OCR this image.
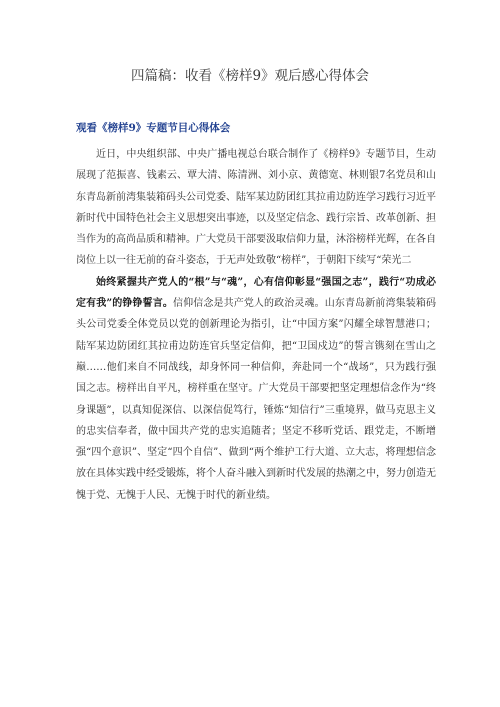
四篇稿：收看《榜样9》观后感心得体会
观看《榜样9》专题节目心得体会

近日，中央组织部、中央广播电视总台联合制作了《榜样9》专题节目，生动展现了范振喜、钱素云、覃大清、陈清洲、刘小京、黄德宽、林则银7名党员和山东青岛新前湾集装箱码头公司党委、陆军某边防团红其拉甫边防连学习践行习近平新时代中国特色社会主义思想突出事迹，以及坚定信念、践行宗旨、改革创新、担当作为的高尚品质和精神。广大党员干部要汲取信仰力量，沐浴榜样光辉，在各自岗位上以一往无前的奋斗姿态，于无声处致敬“榜样”，于朝阳下续写“荣光二

始终紧握共产党人的“根”与“魂”，心有信仰彰显“强国之志”，践行“功成必定有我”的铮铮誓言。信仰信念是共产党人的政治灵魂。山东青岛新前湾集装箱码头公司党委全体党员以党的创新理论为指引，让“中国方案”闪耀全球智慧港口；陆军某边防团红其拉甫边防连官兵坚定信仰，把“卫国戍边”的誓言镌刻在雪山之巅……他们来自不同战线，却身怀同一种信仰，奔赴同一个“战场”，只为践行强国之志。榜样出自平凡，榜样重在坚守。广大党员干部要把坚定理想信念作为“终身课题”，以真知促深信、以深信促笃行，锤炼“知信行”三重境界，做马克思主义的忠实信奉者，做中国共产党的忠实追随者；坚定不移听党话、跟党走，不断增强“四个意识”、坚定“四个自信”、做到“两个维护工行大道、立大志，将理想信念放在具体实践中经受锻炼，将个人奋斗融入到新时代发展的热潮之中，努力创造无愧于党、无愧于人民、无愧于时代的新业绩。
